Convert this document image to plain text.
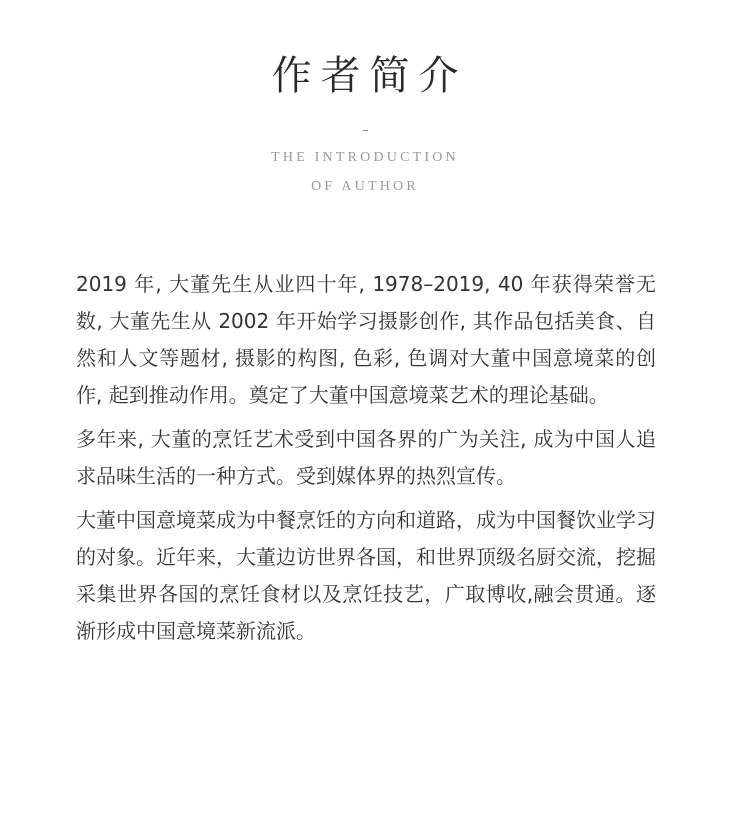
作者简介
THE INTRODUCTION
OF AUTHOR

2019 年, 大董先生从业四十年, 1978–2019, 40 年获得荣誉无数, 大董先生从 2002 年开始学习摄影创作, 其作品包括美食、自然和人文等题材, 摄影的构图, 色彩, 色调对大董中国意境菜的创作, 起到推动作用。奠定了大董中国意境菜艺术的理论基础。

多年来, 大董的烹饪艺术受到中国各界的广为关注, 成为中国人追求品味生活的一种方式。受到媒体界的热烈宣传。

大董中国意境菜成为中餐烹饪的方向和道路，成为中国餐饮业学习的对象。近年来，大董边访世界各国，和世界顶级名厨交流，挖掘采集世界各国的烹饪食材以及烹饪技艺，广取博收,融会贯通。逐渐形成中国意境菜新流派。
